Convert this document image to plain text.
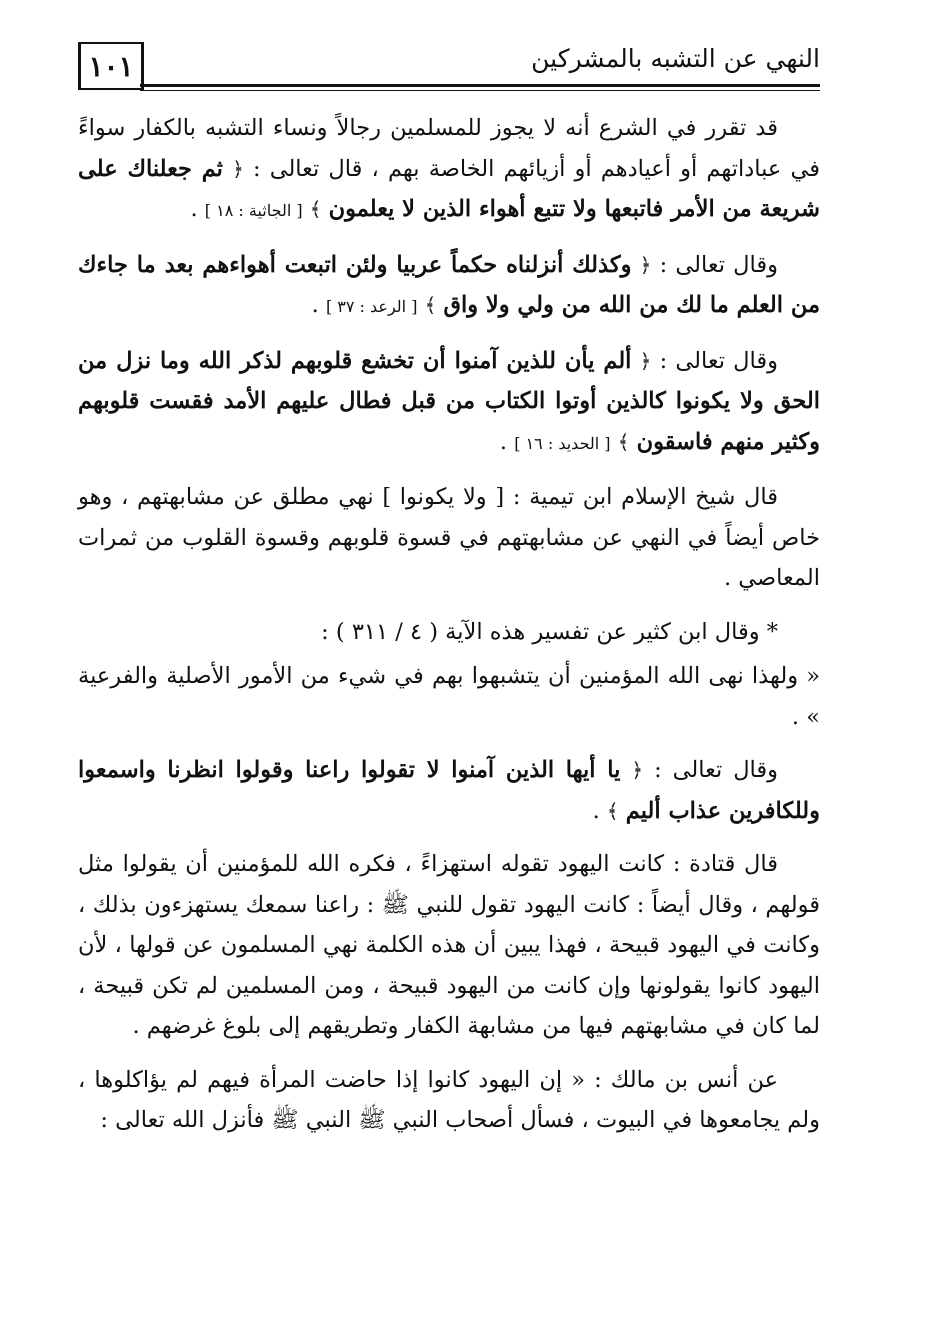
١٠١	النهي عن التشبه بالمشركين

قد تقرر في الشرع أنه لا يجوز للمسلمين رجالاً ونساء التشبه بالكفار سواءً في عباداتهم أو أعيادهم أو أزيائهم الخاصة بهم ، قال تعالى : ﴿ ثم جعلناك على شريعة من الأمر فاتبعها ولا تتبع أهواء الذين لا يعلمون ﴾ [ الجاثية : ١٨ ] .

وقال تعالى : ﴿ وكذلك أنزلناه حكماً عربيا ولئن اتبعت أهواءهم بعد ما جاءك من العلم ما لك من الله من ولي ولا واق ﴾ [ الرعد : ٣٧ ] .

وقال تعالى : ﴿ ألم يأن للذين آمنوا أن تخشع قلوبهم لذكر الله وما نزل من الحق ولا يكونوا كالذين أوتوا الكتاب من قبل فطال عليهم الأمد فقست قلوبهم وكثير منهم فاسقون ﴾ [ الحديد : ١٦ ] .

قال شيخ الإسلام ابن تيمية : [ ولا يكونوا ] نهي مطلق عن مشابهتهم ، وهو خاص أيضاً في النهي عن مشابهتهم في قسوة قلوبهم وقسوة القلوب من ثمرات المعاصي .

* وقال ابن كثير عن تفسير هذه الآية ( ٤ / ٣١١ ) :

« ولهذا نهى الله المؤمنين أن يتشبهوا بهم في شيء من الأمور الأصلية والفرعية » .

وقال تعالى : ﴿ يا أيها الذين آمنوا لا تقولوا راعنا وقولوا انظرنا واسمعوا وللكافرين عذاب أليم ﴾ .

قال قتادة : كانت اليهود تقوله استهزاءً ، فكره الله للمؤمنين أن يقولوا مثل قولهم ، وقال أيضاً : كانت اليهود تقول للنبي ﷺ : راعنا سمعك يستهزءون بذلك ، وكانت في اليهود قبيحة ، فهذا يبين أن هذه الكلمة نهي المسلمون عن قولها ، لأن اليهود كانوا يقولونها وإن كانت من اليهود قبيحة ، ومن المسلمين لم تكن قبيحة ، لما كان في مشابهتهم فيها من مشابهة الكفار وتطريقهم إلى بلوغ غرضهم .

عن أنس بن مالك : « إن اليهود كانوا إذا حاضت المرأة فيهم لم يؤاكلوها ، ولم يجامعوها في البيوت ، فسأل أصحاب النبي ﷺ النبي ﷺ فأنزل الله تعالى :
